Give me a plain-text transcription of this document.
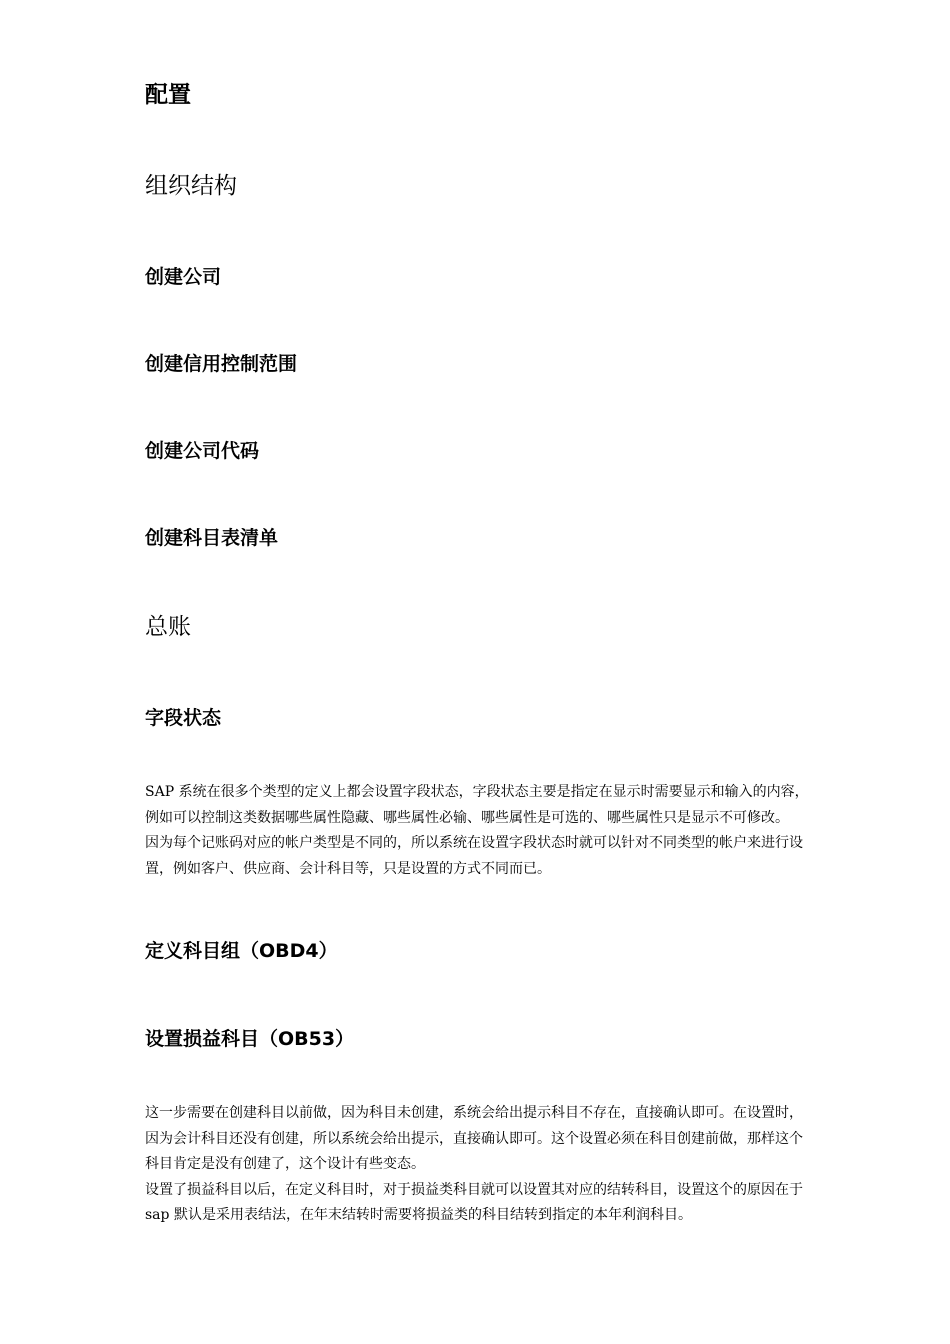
配置
组织结构
创建公司
创建信用控制范围
创建公司代码
创建科目表清单
总账
字段状态

SAP 系统在很多个类型的定义上都会设置字段状态，字段状态主要是指定在显示时需要显示和输入的内容，例如可以控制这类数据哪些属性隐藏、哪些属性必输、哪些属性是可选的、哪些属性只是显示不可修改。

因为每个记账码对应的帐户类型是不同的，所以系统在设置字段状态时就可以针对不同类型的帐户来进行设置，例如客户、供应商、会计科目等，只是设置的方式不同而已。

定义科目组（OBD4）
设置损益科目（OB53）

这一步需要在创建科目以前做，因为科目未创建，系统会给出提示科目不存在，直接确认即可。在设置时，因为会计科目还没有创建，所以系统会给出提示，直接确认即可。这个设置必须在科目创建前做，那样这个科目肯定是没有创建了，这个设计有些变态。

设置了损益科目以后，在定义科目时，对于损益类科目就可以设置其对应的结转科目，设置这个的原因在于 sap 默认是采用表结法，在年末结转时需要将损益类的科目结转到指定的本年利润科目。
